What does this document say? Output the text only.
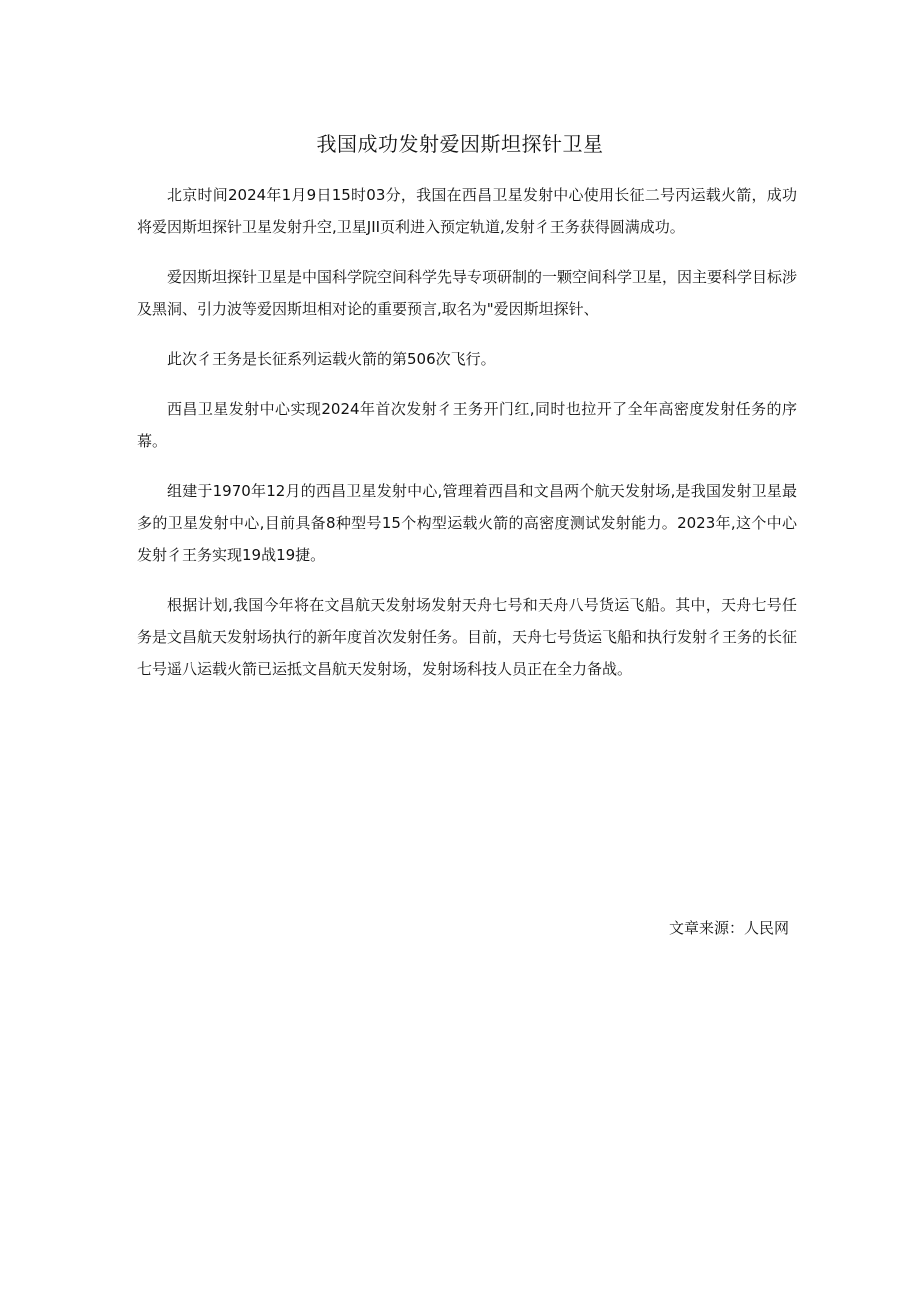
我国成功发射爱因斯坦探针卫星

北京时间2024年1月9日15时03分，我国在西昌卫星发射中心使用长征二号丙运载火箭，成功将爱因斯坦探针卫星发射升空,卫星JII页利进入预定轨道,发射彳王务获得圆满成功。

爱因斯坦探针卫星是中国科学院空间科学先导专项研制的一颗空间科学卫星，因主要科学目标涉及黑洞、引力波等爱因斯坦相对论的重要预言,取名为"爱因斯坦探针、

此次彳王务是长征系列运载火箭的第506次飞行。

西昌卫星发射中心实现2024年首次发射彳王务开门红,同时也拉开了全年高密度发射任务的序幕。

组建于1970年12月的西昌卫星发射中心,管理着西昌和文昌两个航天发射场,是我国发射卫星最多的卫星发射中心,目前具备8种型号15个构型运载火箭的高密度测试发射能力。2023年,这个中心发射彳王务实现19战19捷。

根据计划,我国今年将在文昌航天发射场发射天舟七号和天舟八号货运飞船。其中，天舟七号任务是文昌航天发射场执行的新年度首次发射任务。目前，天舟七号货运飞船和执行发射彳王务的长征七号遥八运载火箭已运抵文昌航天发射场，发射场科技人员正在全力备战。

文章来源：人民网
